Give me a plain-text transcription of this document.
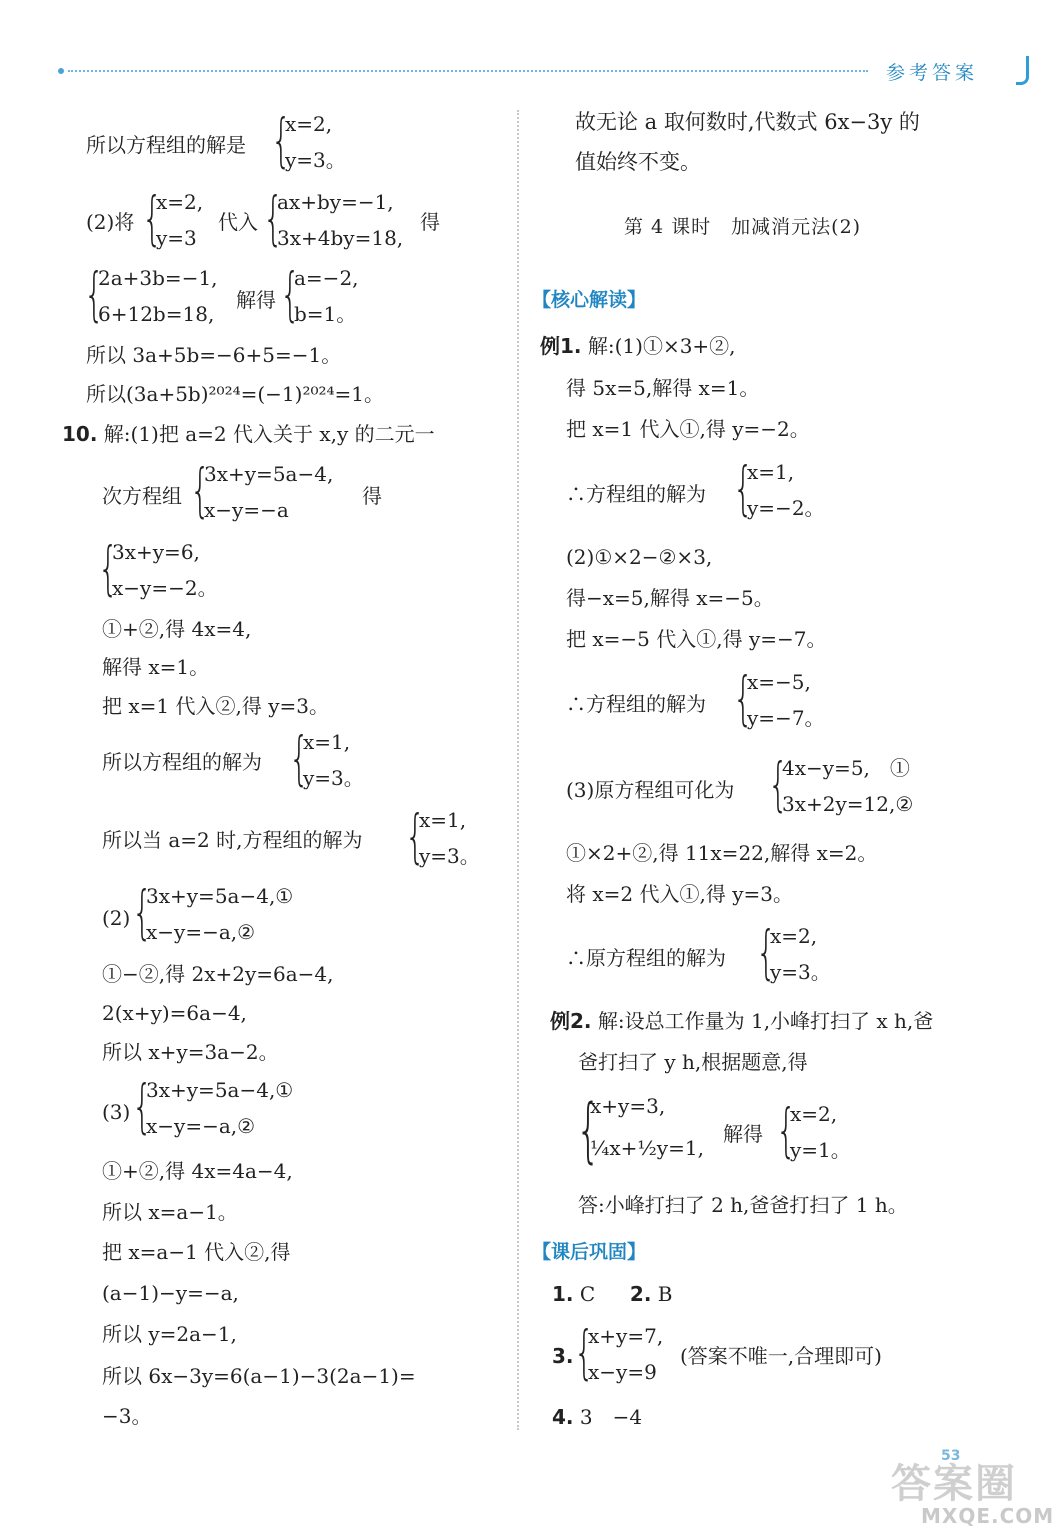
参考答案
所以方程组的解是 {
x=2,
y=3。
(2)将 {
x=2,
y=3
代入 {
ax+by=−1,
3x+4by=18,
得
{
2a+3b=−1,
6+12b=18,
解得 {
a=−2,
b=1。
所以 3a+5b=−6+5=−1。
所以(3a+5b)²⁰²⁴=(−1)²⁰²⁴=1。
10. 解:(1)把 a=2 代入关于 x,y 的二元一
次方程组 {
3x+y=5a−4,
x−y=−a
得
{
3x+y=6,
x−y=−2。
①+②,得 4x=4,
解得 x=1。
把 x=1 代入②,得 y=3。
所以方程组的解为 {
x=1,
y=3。
所以当 a=2 时,方程组的解为 {
x=1,
y=3。
(2) {
3x+y=5a−4,①
x−y=−a,②
①−②,得 2x+2y=6a−4,
2(x+y)=6a−4,
所以 x+y=3a−2。
(3) {
3x+y=5a−4,①
x−y=−a,②
①+②,得 4x=4a−4,
所以 x=a−1。
把 x=a−1 代入②,得
(a−1)−y=−a,
所以 y=2a−1,
所以 6x−3y=6(a−1)−3(2a−1)=
−3。
故无论 a 取何数时,代数式 6x−3y 的
值始终不变。
第 4 课时　加减消元法(2)
【核心解读】
例1. 解:(1)①×3+②,
得 5x=5,解得 x=1。
把 x=1 代入①,得 y=−2。
∴方程组的解为 {
x=1,
y=−2。
(2)①×2−②×3,
得−x=5,解得 x=−5。
把 x=−5 代入①,得 y=−7。
∴方程组的解为 {
x=−5,
y=−7。
(3)原方程组可化为 {
4x−y=5,　①
3x+2y=12,②
①×2+②,得 11x=22,解得 x=2。
将 x=2 代入①,得 y=3。
∴原方程组的解为 {
x=2,
y=3。
例2. 解:设总工作量为 1,小峰打扫了 x h,爸
爸打扫了 y h,根据题意,得
{
x+y=3,
¼x+½y=1,
解得 {
x=2,
y=1。
答:小峰打扫了 2 h,爸爸打扫了 1 h。
【课后巩固】
1. C 2. B
3. {
x+y=7,
x−y=9
(答案不唯一,合理即可)
4. 3　−4
53
答案圈
MXQE.COM
